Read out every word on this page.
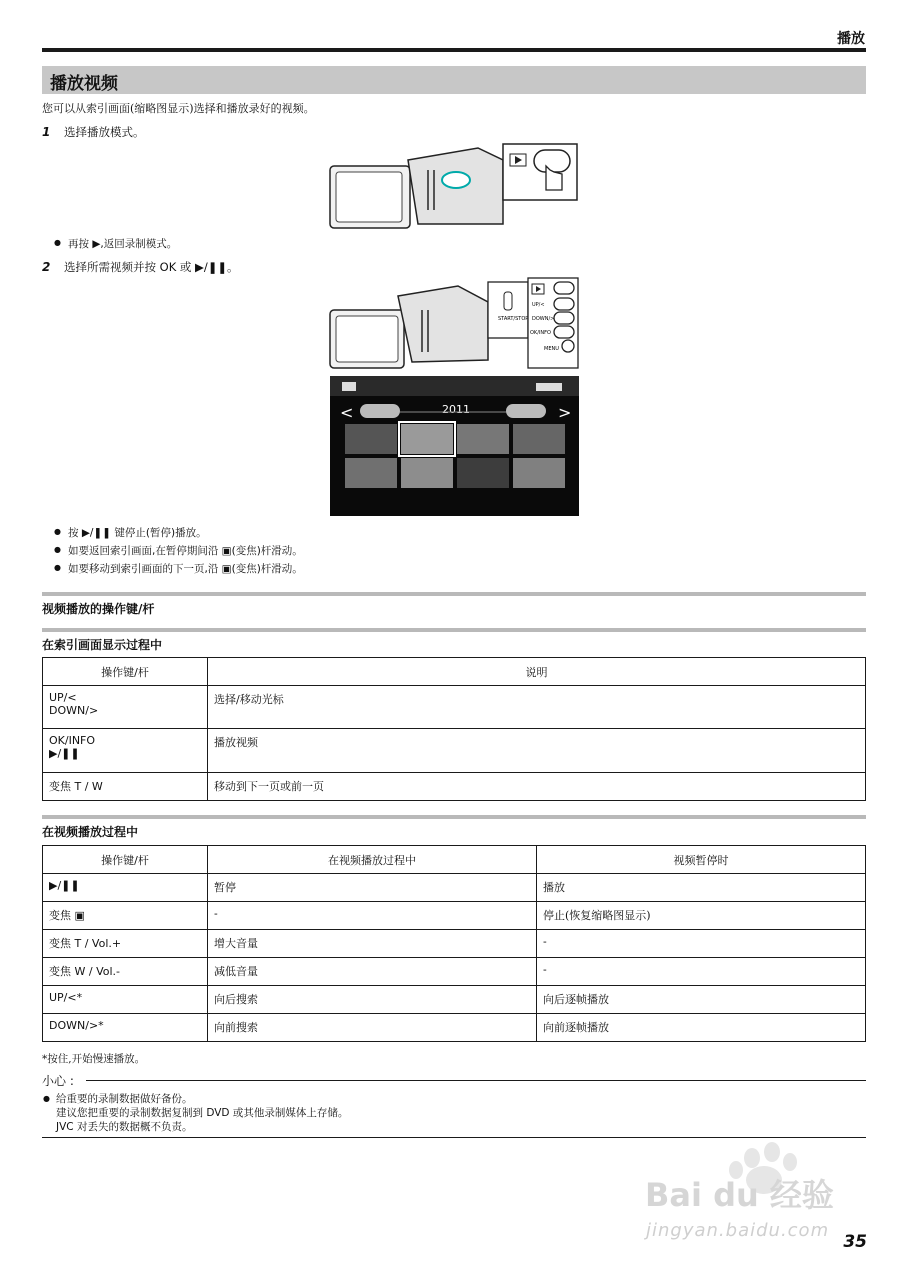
播放
播放视频
您可以从索引画面(缩略图显示)选择和播放录好的视频。
1 选择播放模式。
● 再按 ▶,返回录制模式。
2 选择所需视频并按 OK 或 ▶/❚❚。
START/STOP
UP/<
DOWN/>
OK/INFO
MENU
<	>
2011
● 按 ▶/❚❚ 键停止(暂停)播放。
● 如要返回索引画面,在暂停期间沿 ▣(变焦)杆滑动。
● 如要移动到索引画面的下一页,沿 ▣(变焦)杆滑动。
视频播放的操作键/杆
在索引画面显示过程中
操作键/杆	说明

UP/<
DOWN/>	选择/移动光标

OK/INFO
▶/❚❚	播放视频
变焦 T / W	移动到下一页或前一页
在视频播放过程中
操作键/杆	在视频播放过程中	视频暂停时
▶/❚❚	暂停	播放
变焦 ▣	-	停止(恢复缩略图显示)
变焦 T / Vol.+	增大音量	-
变焦 W / Vol.-	减低音量	-
UP/<*	向后搜索	向后逐帧播放
DOWN/>*	向前搜索	向前逐帧播放
*按住,开始慢速播放。
小心 :
● 给重要的录制数据做好备份。
建议您把重要的录制数据复制到 DVD 或其他录制媒体上存储。
JVC 对丢失的数据概不负责。
Bai du 经验
jingyan.baidu.com
35
